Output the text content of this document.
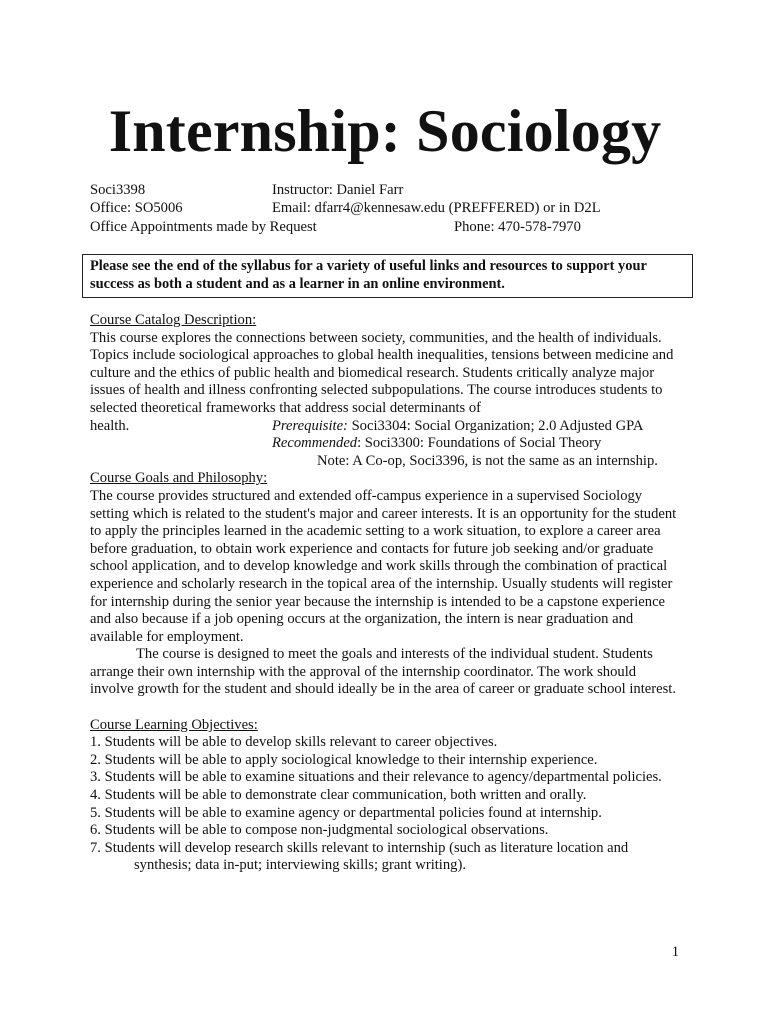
Internship: Sociology
Soci3398	Instructor: Daniel Farr
Office: SO5006	Email: dfarr4@kennesaw.edu (PREFFERED) or in D2L
Office Appointments made by Request	Phone: 470-578-7970
Please see the end of the syllabus for a variety of useful links and resources to support your success as both a student and as a learner in an online environment.

Course Catalog Description:

This course explores the connections between society, communities, and the health of individuals. Topics include sociological approaches to global health inequalities, tensions between medicine and culture and the ethics of public health and biomedical research. Students critically analyze major issues of health and illness confronting selected subpopulations. The course introduces students to selected theoretical frameworks that address social determinants of

health.	Prerequisite: Soci3304: Social Organization; 2.0 Adjusted GPA
Recommended: Soci3300: Foundations of Social Theory
Note: A Co-op, Soci3396, is not the same as an internship.

Course Goals and Philosophy:

The course provides structured and extended off-campus experience in a supervised Sociology setting which is related to the student's major and career interests. It is an opportunity for the student to apply the principles learned in the academic setting to a work situation, to explore a career area before graduation, to obtain work experience and contacts for future job seeking and/or graduate school application, and to develop knowledge and work skills through the combination of practical experience and scholarly research in the topical area of the internship. Usually students will register for internship during the senior year because the internship is intended to be a capstone experience and also because if a job opening occurs at the organization, the intern is near graduation and available for employment.

The course is designed to meet the goals and interests of the individual student. Students arrange their own internship with the approval of the internship coordinator. The work should involve growth for the student and should ideally be in the area of career or graduate school interest.

Course Learning Objectives:

1. Students will be able to develop skills relevant to career objectives.
2. Students will be able to apply sociological knowledge to their internship experience.
3. Students will be able to examine situations and their relevance to agency/departmental policies.
4. Students will be able to demonstrate clear communication, both written and orally.
5. Students will be able to examine agency or departmental policies found at internship.
6. Students will be able to compose non-judgmental sociological observations.
7. Students will develop research skills relevant to internship (such as literature location and synthesis; data in-put; interviewing skills; grant writing).
1
